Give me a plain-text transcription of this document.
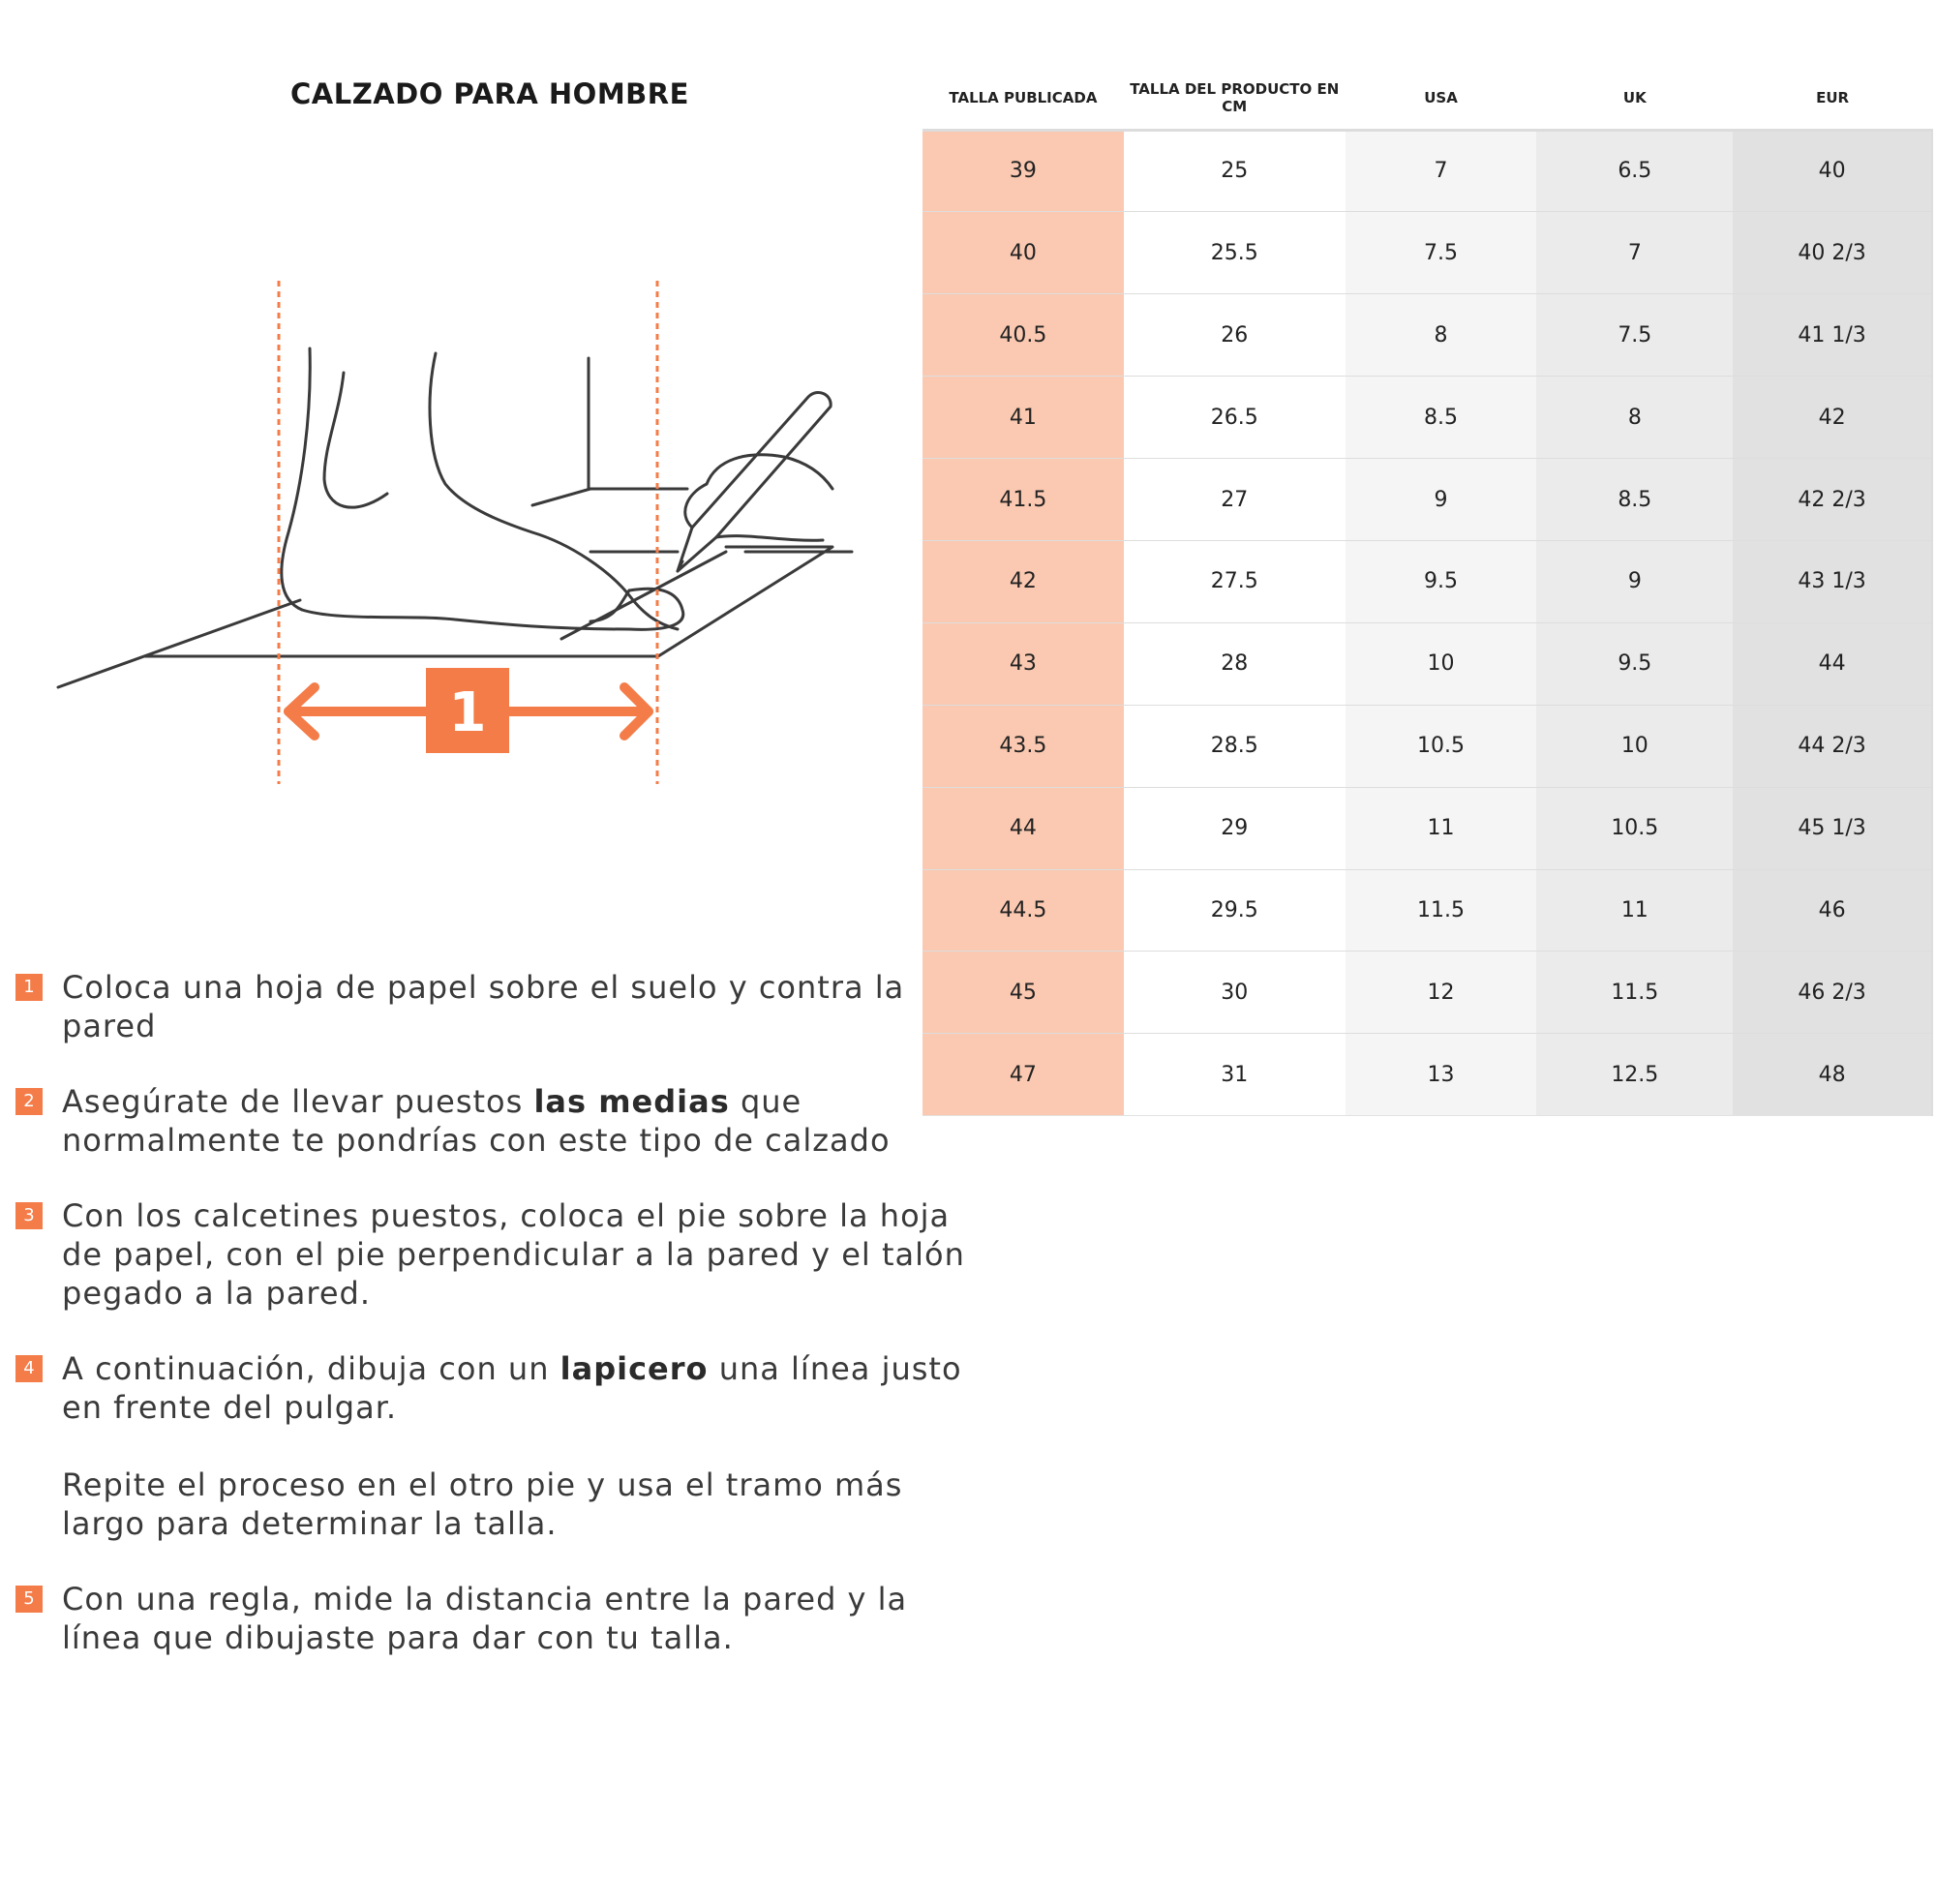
CALZADO PARA HOMBRE
1
1 Coloca una hoja de papel sobre el suelo y contra la pared
2 Asegúrate de llevar puestos las medias que normalmente te pondrías con este tipo de calzado
3 Con los calcetines puestos, coloca el pie sobre la hoja de papel, con el pie perpendicular a la pared y el talón pegado a la pared.
4 A continuación, dibuja con un lapicero una línea justo en frente del pulgar.
Repite el proceso en el otro pie y usa el tramo más largo para determinar la talla.
5 Con una regla, mide la distancia entre la pared y la línea que dibujaste para dar con tu talla.
TALLA PUBLICADA	TALLA DEL PRODUCTO EN CM	USA	UK	EUR
39	25	7	6.5	40
40	25.5	7.5	7	40 2/3
40.5	26	8	7.5	41 1/3
41	26.5	8.5	8	42
41.5	27	9	8.5	42 2/3
42	27.5	9.5	9	43 1/3
43	28	10	9.5	44
43.5	28.5	10.5	10	44 2/3
44	29	11	10.5	45 1/3
44.5	29.5	11.5	11	46
45	30	12	11.5	46 2/3
47	31	13	12.5	48
